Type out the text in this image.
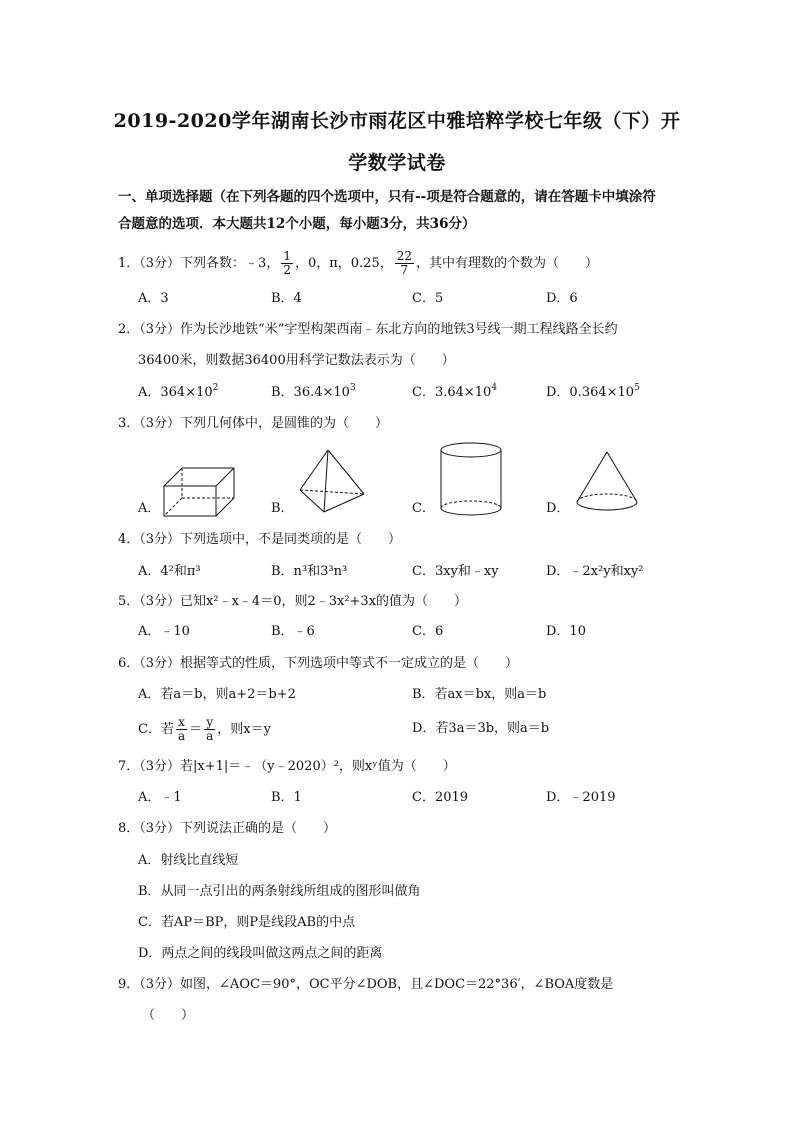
2019-2020学年湖南长沙市雨花区中雅培粹学校七年级（下）开
学数学试卷
一、单项选择题（在下列各题的四个选项中，只有--项是符合题意的，请在答题卡中填涂符
合题意的选项．本大题共12个小题，每小题3分，共36分）
1．（3分）下列各数：﹣3， $\frac{1}{2}$ ，0，π，0.25， $\frac{22}{7}$ ，其中有理数的个数为（　　）
A．3	B．4	C．5	D．6
2．（3分）作为长沙地铁“米”字型构架西南﹣东北方向的地铁3号线一期工程线路全长约
36400米，则数据36400用科学记数法表示为（　　）
A．$364\times 10^2$	B．$36.4\times 10^3$	C．$3.64\times 10^4$	D．$0.364\times 10^5$
3．（3分）下列几何体中，是圆锥的为（　　）
A．	B．	C．	D．
4．（3分）下列选项中，不是同类项的是（　　）
A．4²和π³	B．n³和3³n³	C．3xy和﹣xy	D．﹣2x²y和xy²
5．（3分）已知x²﹣x﹣4＝0，则2﹣3x²+3x的值为（　　）
A．﹣10	B．﹣6	C．6	D．10
6．（3分）根据等式的性质，下列选项中等式不一定成立的是（　　）
A．若a＝b，则a+2＝b+2	B．若ax＝bx，则a＝b
C．若 $\frac{x}{a} = \frac{y}{a}$ ，则x＝y	D．若3a＝3b，则a＝b
7．（3分）若|x+1|＝﹣（y﹣2020）²，则xʸ值为（　　）
A．﹣1	B．1	C．2019	D．﹣2019
8．（3分）下列说法正确的是（　　）
A．射线比直线短
B．从同一点引出的两条射线所组成的图形叫做角
C．若AP＝BP，则P是线段AB的中点
D．两点之间的线段叫做这两点之间的距离
9．（3分）如图，∠AOC＝90°，OC平分∠DOB，且∠DOC＝22°36′，∠BOA度数是
（　　）
